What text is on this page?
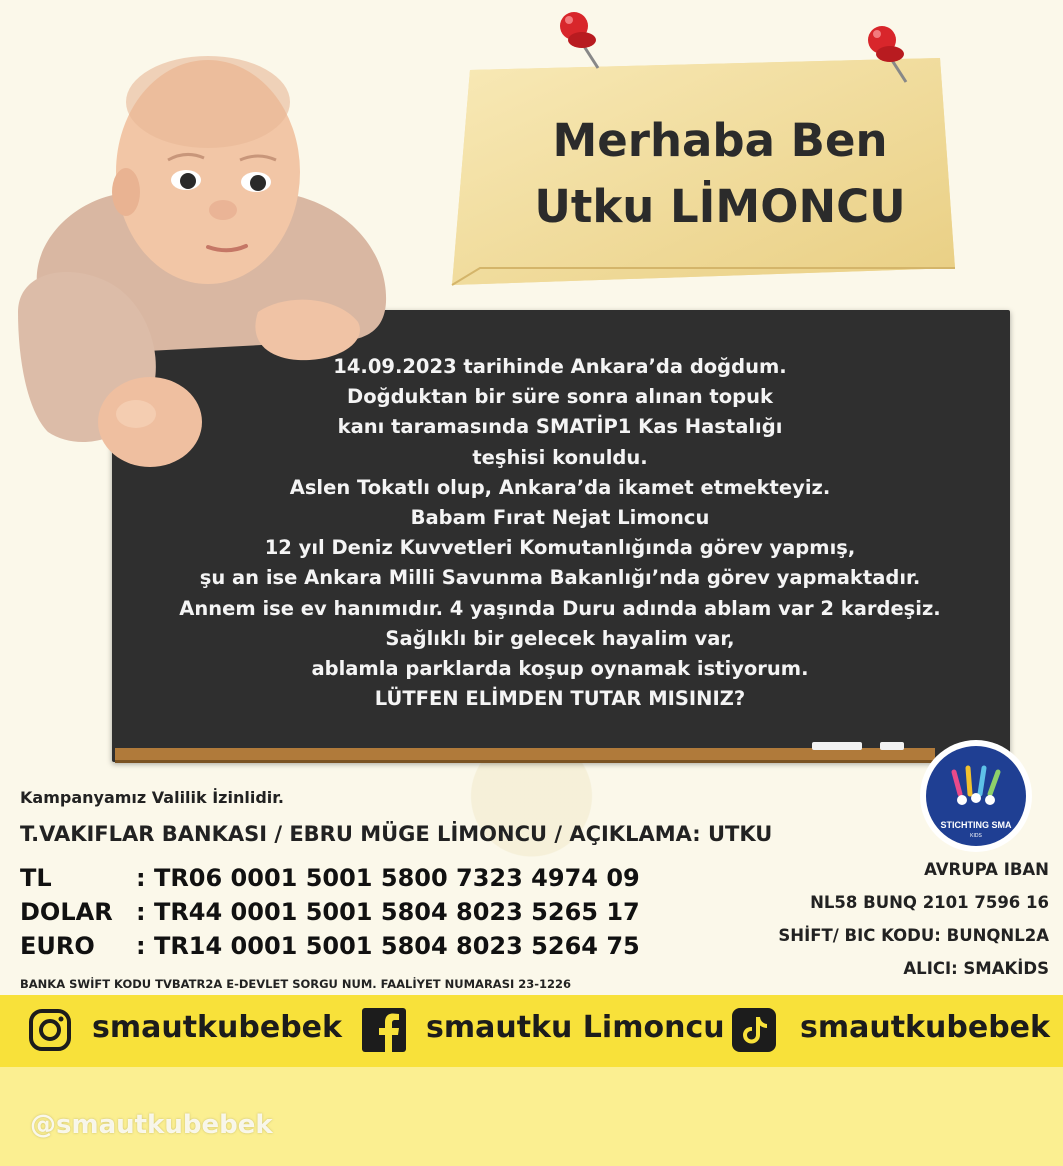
Merhaba Ben
Utku LİMONCU
14.09.2023 tarihinde Ankara’da doğdum.
Doğduktan bir süre sonra alınan topuk
kanı taramasında SMATİP1 Kas Hastalığı
teşhisi konuldu.
Aslen Tokatlı olup, Ankara’da ikamet etmekteyiz.
Babam Fırat Nejat Limoncu
12 yıl Deniz Kuvvetleri Komutanlığında görev yapmış,
şu an ise Ankara Milli Savunma Bakanlığı’nda görev yapmaktadır.
Annem ise ev hanımıdır. 4 yaşında Duru adında ablam var 2 kardeşiz.
Sağlıklı bir gelecek hayalim var,
ablamla parklarda koşup oynamak istiyorum.
LÜTFEN ELİMDEN TUTAR MISINIZ?
Kampanyamız Valilik İzinlidir.
T.VAKIFLAR BANKASI / EBRU MÜGE LİMONCU / AÇIKLAMA: UTKU
TL	: TR06 0001 5001 5800 7323 4974 09
DOLAR : TR44 0001 5001 5804 8023 5265 17
EURO : TR14 0001 5001 5804 8023 5264 75
BANKA SWİFT KODU TVBATR2A E-DEVLET SORGU NUM. FAALİYET NUMARASI 23-1226
AVRUPA IBAN
NL58 BUNQ 2101 7596 16
SHİFT/ BIC KODU: BUNQNL2A
ALICI: SMAKİDS
STICHTING SMA
KIDS
smautkubebek	smautku Limoncu	smautkubebek
@smautkubebek
